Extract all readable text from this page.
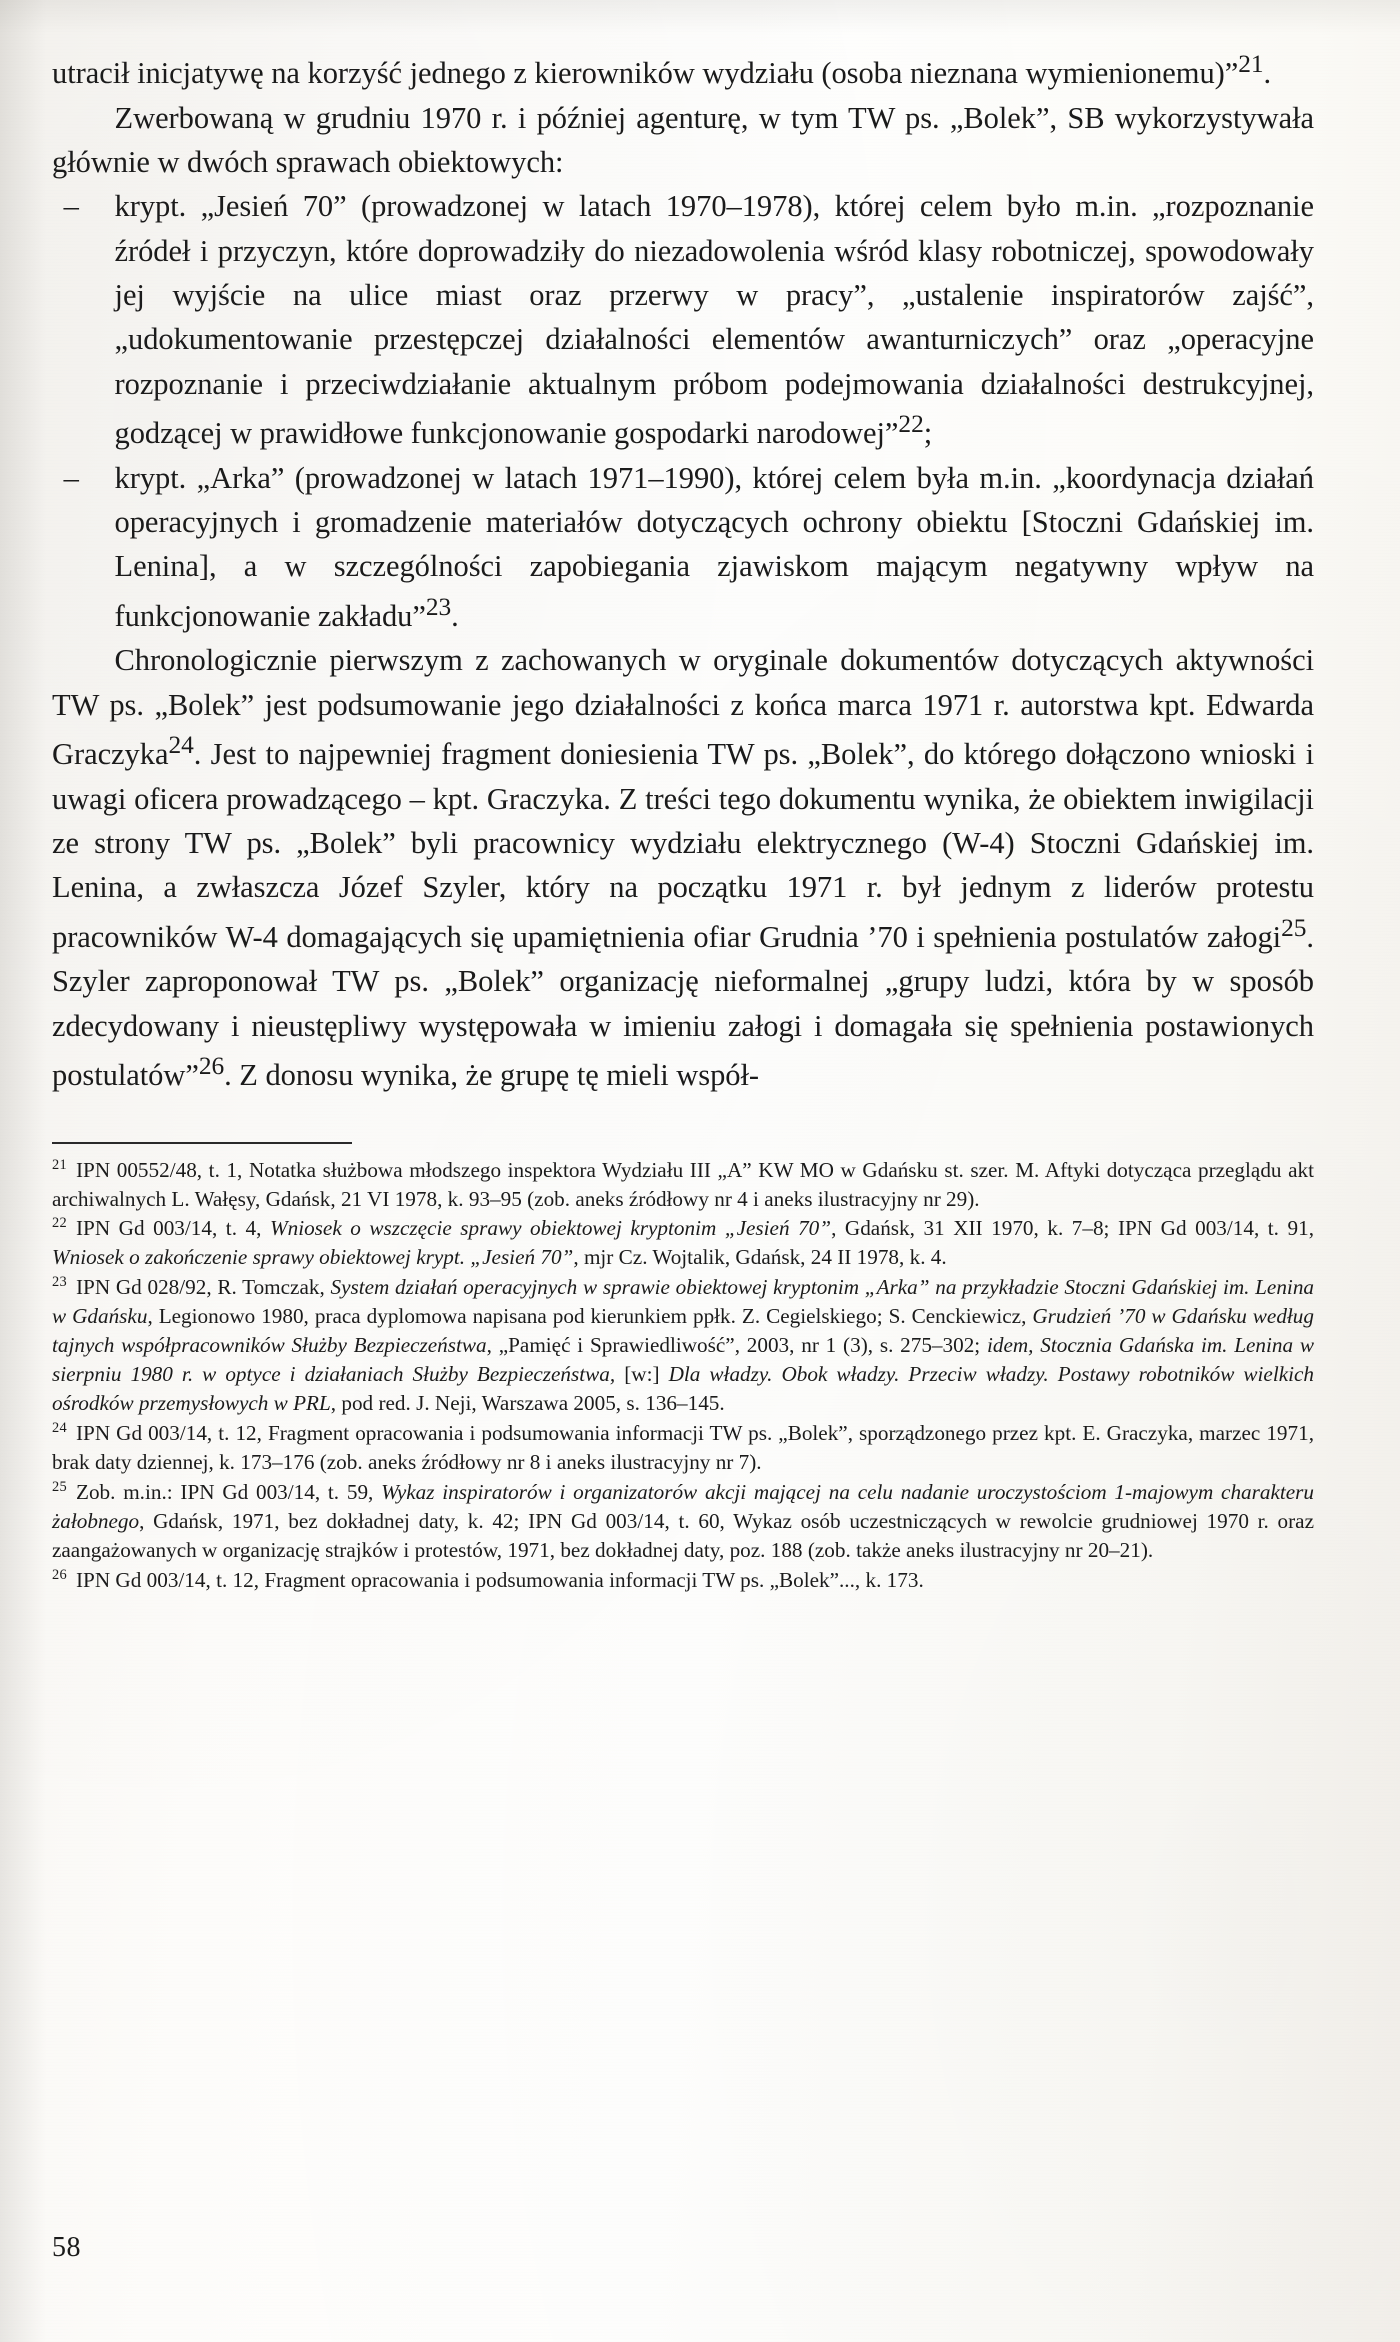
utracił inicjatywę na korzyść jednego z kierowników wydziału (osoba nieznana wymienionemu)”$^{21}$.

Zwerbowaną w grudniu 1970 r. i później agenturę, w tym TW ps. „Bolek”, SB wykorzystywała głównie w dwóch sprawach obiektowych:

– krypt. „Jesień 70” (prowadzonej w latach 1970–1978), której celem było m.in. „rozpoznanie źródeł i przyczyn, które doprowadziły do niezadowolenia wśród klasy robotniczej, spowodowały jej wyjście na ulice miast oraz przerwy w pracy”, „ustalenie inspiratorów zajść”, „udokumentowanie przestępczej działalności elementów awanturniczych” oraz „operacyjne rozpoznanie i przeciwdziałanie aktualnym próbom podejmowania działalności destrukcyjnej, godzącej w prawidłowe funkcjonowanie gospodarki narodowej”$^{22}$;
– krypt. „Arka” (prowadzonej w latach 1971–1990), której celem była m.in. „koordynacja działań operacyjnych i gromadzenie materiałów dotyczących ochrony obiektu [Stoczni Gdańskiej im. Lenina], a w szczególności zapobiegania zjawiskom mającym negatywny wpływ na funkcjonowanie zakładu”$^{23}$.

Chronologicznie pierwszym z zachowanych w oryginale dokumentów dotyczących aktywności TW ps. „Bolek” jest podsumowanie jego działalności z końca marca 1971 r. autorstwa kpt. Edwarda Graczyka$^{24}$. Jest to najpewniej fragment doniesienia TW ps. „Bolek”, do którego dołączono wnioski i uwagi oficera prowadzącego – kpt. Graczyka. Z treści tego dokumentu wynika, że obiektem inwigilacji ze strony TW ps. „Bolek” byli pracownicy wydziału elektrycznego (W-4) Stoczni Gdańskiej im. Lenina, a zwłaszcza Józef Szyler, który na początku 1971 r. był jednym z liderów protestu pracowników W-4 domagających się upamiętnienia ofiar Grudnia ’70 i spełnienia postulatów załogi$^{25}$. Szyler zaproponował TW ps. „Bolek” organizację nieformalnej „grupy ludzi, która by w sposób zdecydowany i nieustępliwy występowała w imieniu załogi i domagała się spełnienia postawionych postulatów”$^{26}$. Z donosu wynika, że grupę tę mieli współ-

$^{21}$ IPN 00552/48, t. 1, Notatka służbowa młodszego inspektora Wydziału III „A” KW MO w Gdańsku st. szer. M. Aftyki dotycząca przeglądu akt archiwalnych L. Wałęsy, Gdańsk, 21 VI 1978, k. 93–95 (zob. aneks źródłowy nr 4 i aneks ilustracyjny nr 29).

$^{22}$ IPN Gd 003/14, t. 4, Wniosek o wszczęcie sprawy obiektowej kryptonim „Jesień 70”, Gdańsk, 31 XII 1970, k. 7–8; IPN Gd 003/14, t. 91, Wniosek o zakończenie sprawy obiektowej krypt. „Jesień 70”, mjr Cz. Wojtalik, Gdańsk, 24 II 1978, k. 4.

$^{23}$ IPN Gd 028/92, R. Tomczak, System działań operacyjnych w sprawie obiektowej kryptonim „Arka” na przykładzie Stoczni Gdańskiej im. Lenina w Gdańsku, Legionowo 1980, praca dyplomowa napisana pod kierunkiem ppłk. Z. Cegielskiego; S. Cenckiewicz, Grudzień ’70 w Gdańsku według tajnych współpracowników Służby Bezpieczeństwa, „Pamięć i Sprawiedliwość”, 2003, nr 1 (3), s. 275–302; idem, Stocznia Gdańska im. Lenina w sierpniu 1980 r. w optyce i działaniach Służby Bezpieczeństwa, [w:] Dla władzy. Obok władzy. Przeciw władzy. Postawy robotników wielkich ośrodków przemysłowych w PRL, pod red. J. Neji, Warszawa 2005, s. 136–145.

$^{24}$ IPN Gd 003/14, t. 12, Fragment opracowania i podsumowania informacji TW ps. „Bolek”, sporządzonego przez kpt. E. Graczyka, marzec 1971, brak daty dziennej, k. 173–176 (zob. aneks źródłowy nr 8 i aneks ilustracyjny nr 7).

$^{25}$ Zob. m.in.: IPN Gd 003/14, t. 59, Wykaz inspiratorów i organizatorów akcji mającej na celu nadanie uroczystościom 1-majowym charakteru żałobnego, Gdańsk, 1971, bez dokładnej daty, k. 42; IPN Gd 003/14, t. 60, Wykaz osób uczestniczących w rewolcie grudniowej 1970 r. oraz zaangażowanych w organizację strajków i protestów, 1971, bez dokładnej daty, poz. 188 (zob. także aneks ilustracyjny nr 20–21).

$^{26}$ IPN Gd 003/14, t. 12, Fragment opracowania i podsumowania informacji TW ps. „Bolek”..., k. 173.

58
